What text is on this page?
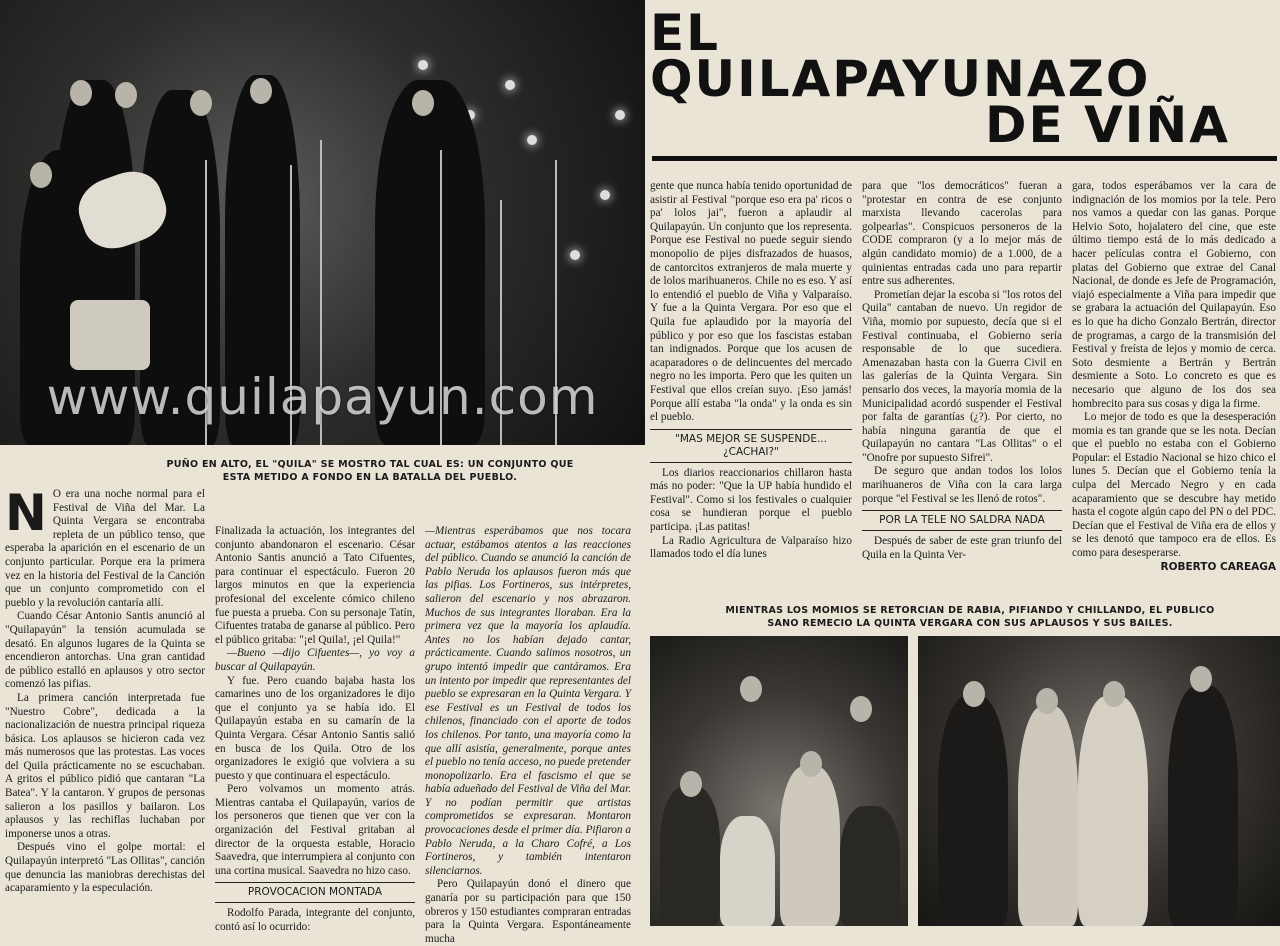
www.quilapayun.com
EL
QUILAPAYUNAZO
DE VIÑA
PUÑO EN ALTO, EL "QUILA" SE MOSTRO TAL CUAL ES: UN CONJUNTO QUE ESTA METIDO A FONDO EN LA BATALLA DEL PUEBLO.
N O era una noche normal para el Festival de Viña del Mar. La Quinta Vergara se encontraba repleta de un público tenso, que esperaba la aparición en el escenario de un conjunto particular. Porque era la primera vez en la historia del Festival de la Canción que un conjunto comprometido con el pueblo y la revolución cantaría allí.

Cuando César Antonio Santis anunció al "Quilapayún" la tensión acumulada se desató. En algunos lugares de la Quinta se encendieron antorchas. Una gran cantidad de público estalló en aplausos y otro sector comenzó las pifias.

La primera canción interpretada fue "Nuestro Cobre", dedicada a la nacionalización de nuestra principal riqueza básica. Los aplausos se hicieron cada vez más numerosos que las protestas. Las voces del Quila prácticamente no se escuchaban. A gritos el público pidió que cantaran "La Batea". Y la cantaron. Y grupos de personas salieron a los pasillos y bailaron. Los aplausos y las rechiflas luchaban por imponerse unos a otras.

Después vino el golpe mortal: el Quilapayún interpretó "Las Ollitas", canción que denuncia las maniobras derechistas del acaparamiento y la especulación.

Finalizada la actuación, los integrantes del conjunto abandonaron el escenario. César Antonio Santis anunció a Tato Cifuentes, para continuar el espectáculo. Fueron 20 largos minutos en que la experiencia profesional del excelente cómico chileno fue puesta a prueba. Con su personaje Tatín, Cifuentes trataba de ganarse al público. Pero el público gritaba: "¡el Quila!, ¡el Quila!"

—Bueno —dijo Cifuentes—, yo voy a buscar al Quilapayún.

Y fue. Pero cuando bajaba hasta los camarines uno de los organizadores le dijo que el conjunto ya se había ido. El Quilapayún estaba en su camarín de la Quinta Vergara. César Antonio Santis salió en busca de los Quila. Otro de los organizadores le exigió que volviera a su puesto y que continuara el espectáculo.

Pero volvamos un momento atrás. Mientras cantaba el Quilapayún, varios de los personeros que tienen que ver con la organización del Festival gritaban al director de la orquesta estable, Horacio Saavedra, que interrumpiera al conjunto con una cortina musical. Saavedra no hizo caso.

PROVOCACION MONTADA

Rodolfo Parada, integrante del conjunto, contó así lo ocurrido:

—Mientras esperábamos que nos tocara actuar, estábamos atentos a las reacciones del público. Cuando se anunció la canción de Pablo Neruda los aplausos fueron más que las pifias. Los Fortineros, sus intérpretes, salieron del escenario y nos abrazaron. Muchos de sus integrantes lloraban. Era la primera vez que la mayoría los aplaudía. Antes no los habían dejado cantar, prácticamente. Cuando salimos nosotros, un grupo intentó impedir que cantáramos. Era un intento por impedir que representantes del pueblo se expresaran en la Quinta Vergara. Y ese Festival es un Festival de todos los chilenos, financiado con el aporte de todos los chilenos. Por tanto, una mayoría como la que allí asistía, generalmente, porque antes el pueblo no tenía acceso, no puede pretender monopolizarlo. Era el fascismo el que se había adueñado del Festival de Viña del Mar. Y no podían permitir que artistas comprometidos se expresaran. Montaron provocaciones desde el primer día. Pifiaron a Pablo Neruda, a la Charo Cofré, a Los Fortineros, y también intentaron silenciarnos.

Pero Quilapayún donó el dinero que ganaría por su participación para que 150 obreros y 150 estudiantes compraran entradas para la Quinta Vergara. Espontáneamente mucha

gente que nunca había tenido oportunidad de asistir al Festival "porque eso era pa' ricos o pa' lolos jai", fueron a aplaudir al Quilapayún. Un conjunto que los representa. Porque ese Festival no puede seguir siendo monopolio de pijes disfrazados de huasos, de cantorcitos extranjeros de mala muerte y de lolos marihuaneros. Chile no es eso. Y así lo entendió el pueblo de Viña y Valparaíso. Y fue a la Quinta Vergara. Por eso que el Quila fue aplaudido por la mayoría del público y por eso que los fascistas estaban tan indignados. Porque que los acusen de acaparadores o de delincuentes del mercado negro no les importa. Pero que les quiten un Festival que ellos creían suyo. ¡Eso jamás! Porque allí estaba "la onda" y la onda es sin el pueblo.

"MAS MEJOR SE SUSPENDE... ¿CACHAI?"

Los diarios reaccionarios chillaron hasta más no poder: "Que la UP había hundido el Festival". Como si los festivales o cualquier cosa se hundieran porque el pueblo participa. ¡Las patitas!

La Radio Agricultura de Valparaíso hizo llamados todo el día lunes

para que "los democráticos" fueran a "protestar en contra de ese conjunto marxista llevando cacerolas para golpearlas". Conspicuos personeros de la CODE compraron (y a lo mejor más de algún candidato momio) de a 1.000, de a quinientas entradas cada uno para repartir entre sus adherentes.

Prometían dejar la escoba si "los rotos del Quila" cantaban de nuevo. Un regidor de Viña, momio por supuesto, decía que si el Festival continuaba, el Gobierno sería responsable de lo que sucediera. Amenazaban hasta con la Guerra Civil en las galerías de la Quinta Vergara. Sin pensarlo dos veces, la mayoría momia de la Municipalidad acordó suspender el Festival por falta de garantías (¿?). Por cierto, no había ninguna garantía de que el Quilapayún no cantara "Las Ollitas" o el "Onofre por supuesto Sifrei".

De seguro que andan todos los lolos marihuaneros de Viña con la cara larga porque "el Festival se les llenó de rotos".

POR LA TELE NO SALDRA NADA

Después de saber de este gran triunfo del Quila en la Quinta Ver-

gara, todos esperábamos ver la cara de indignación de los momios por la tele. Pero nos vamos a quedar con las ganas. Porque Helvio Soto, hojalatero del cine, que este último tiempo está de lo más dedicado a hacer películas contra el Gobierno, con platas del Gobierno que extrae del Canal Nacional, de donde es Jefe de Programación, viajó especialmente a Viña para impedir que se grabara la actuación del Quilapayún. Eso es lo que ha dicho Gonzalo Bertrán, director de programas, a cargo de la transmisión del Festival y freísta de lejos y momio de cerca. Soto desmiente a Bertrán y Bertrán desmiente a Soto. Lo concreto es que es necesario que alguno de los dos sea hombrecito para sus cosas y diga la firme.

Lo mejor de todo es que la desesperación momia es tan grande que se les nota. Decían que el pueblo no estaba con el Gobierno Popular: el Estadio Nacional se hizo chico el lunes 5. Decían que el Gobierno tenía la culpa del Mercado Negro y en cada acaparamiento que se descubre hay metido hasta el cogote algún capo del PN o del PDC. Decían que el Festival de Viña era de ellos y se les denotó que tampoco era de ellos. Es como para desesperarse.

ROBERTO CAREAGA
MIENTRAS LOS MOMIOS SE RETORCIAN DE RABIA, PIFIANDO Y CHILLANDO, EL PUBLICO SANO REMECIO LA QUINTA VERGARA CON SUS APLAUSOS Y SUS BAILES.
